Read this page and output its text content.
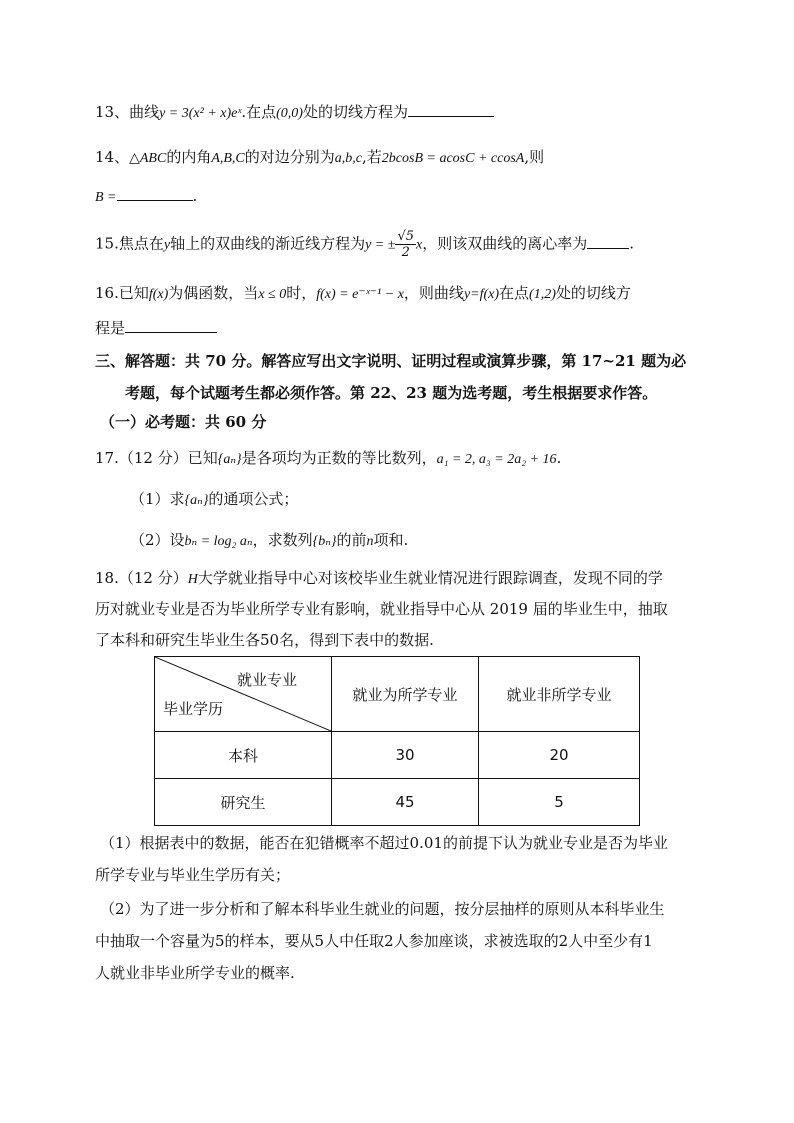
13、曲线y = 3(x² + x)eˣ.在点(0,0)处的切线方程为
14、△ABC的内角A,B,C的对边分别为a,b,c,若2bcosB = acosC + ccosA,则
B =	.
15.焦点在y轴上的双曲线的渐近线方程为y = ± $\frac{√5}{2}$ x，则该双曲线的离心率为	.
16.已知f(x)为偶函数，当x ≤ 0时，f(x) = e⁻ˣ⁻¹ − x，则曲线y=f(x)在点(1,2)处的切线方
程是
三、解答题：共 70 分。解答应写出文字说明、证明过程或演算步骤，第 17~21 题为必
考题，每个试题考生都必须作答。第 22、23 题为选考题，考生根据要求作答。
（一）必考题：共 60 分
17.（12 分）已知{aₙ}是各项均为正数的等比数列，a₁ = 2, a₃ = 2a₂ + 16.
（1）求{aₙ}的通项公式；
（2）设bₙ = log₂ aₙ，求数列{bₙ}的前n项和.
18.（12 分）H大学就业指导中心对该校毕业生就业情况进行跟踪调查，发现不同的学
历对就业专业是否为毕业所学专业有影响，就业指导中心从 2019 届的毕业生中，抽取
了本科和研究生毕业生各50名，得到下表中的数据.
就业专业
毕业学历	就业为所学专业	就业非所学专业
本科	30	20
研究生	45	5
（1）根据表中的数据，能否在犯错概率不超过0.01的前提下认为就业专业是否为毕业
所学专业与毕业生学历有关；
（2）为了进一步分析和了解本科毕业生就业的问题，按分层抽样的原则从本科毕业生
中抽取一个容量为5的样本，要从5人中任取2人参加座谈，求被选取的2人中至少有1
人就业非毕业所学专业的概率.
